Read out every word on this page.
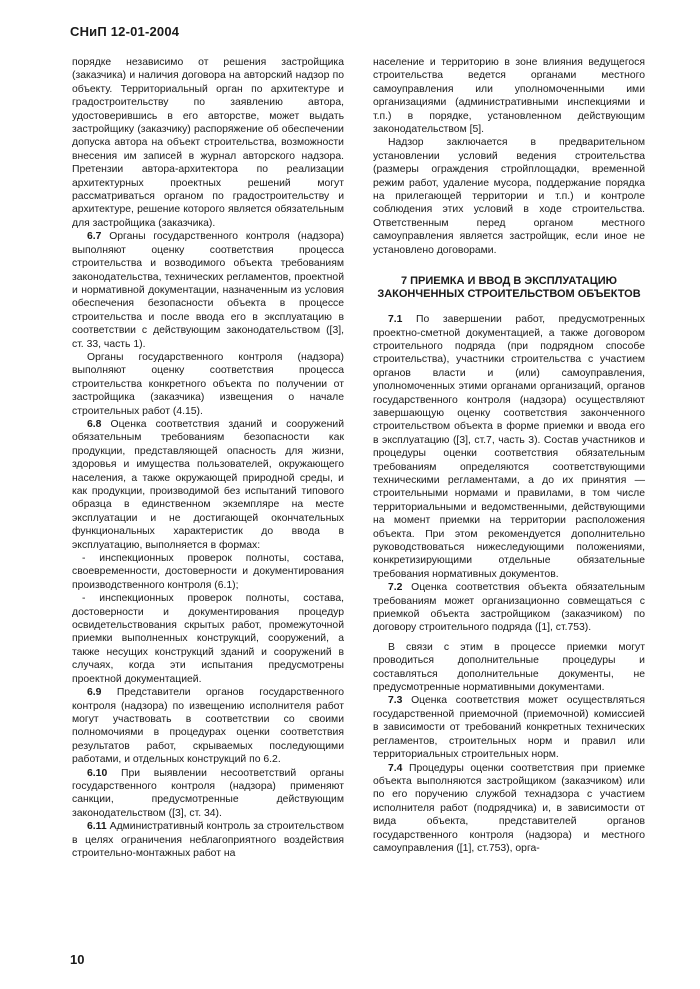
СНиП 12-01-2004

порядке независимо от решения застройщика (заказчика) и наличия договора на авторский надзор по объекту. Территориальный орган по архитектуре и градостроительству по заявлению автора, удостоверившись в его авторстве, может выдать застройщику (заказчику) распоряжение об обеспечении допуска автора на объект строительства, возможности внесения им записей в журнал авторского надзора. Претензии автора-архитектора по реализации архитектурных проектных решений могут рассматриваться органом по градостроительству и архитектуре, решение которого является обязательным для застройщика (заказчика).

6.7 Органы государственного контроля (надзора) выполняют оценку соответствия процесса строительства и возводимого объекта требованиям законодательства, технических регламентов, проектной и нормативной документации, назначенным из условия обеспечения безопасности объекта в процессе строительства и после ввода его в эксплуатацию в соответствии с действующим законодательством ([3], ст. 33, часть 1).

Органы государственного контроля (надзора) выполняют оценку соответствия процесса строительства конкретного объекта по получении от застройщика (заказчика) извещения о начале строительных работ (4.15).

6.8 Оценка соответствия зданий и сооружений обязательным требованиям безопасности как продукции, представляющей опасность для жизни, здоровья и имущества пользователей, окружающего населения, а также окружающей природной среды, и как продукции, производимой без испытаний типового образца в единственном экземпляре на месте эксплуатации и не достигающей окончательных функциональных характеристик до ввода в эксплуатацию, выполняется в формах:

- инспекционных проверок полноты, состава, своевременности, достоверности и документирования производственного контроля (6.1);

- инспекционных проверок полноты, состава, достоверности и документирования процедур освидетельствования скрытых работ, промежуточной приемки выполненных конструкций, сооружений, а также несущих конструкций зданий и сооружений в случаях, когда эти испытания предусмотрены проектной документацией.

6.9 Представители органов государственного контроля (надзора) по извещению исполнителя работ могут участвовать в соответствии со своими полномочиями в процедурах оценки соответствия результатов работ, скрываемых последующими работами, и отдельных конструкций по 6.2.

6.10 При выявлении несоответствий органы государственного контроля (надзора) применяют санкции, предусмотренные действующим законодательством ([3], ст. 34).

6.11 Административный контроль за строительством в целях ограничения неблагоприятного воздействия строительно-монтажных работ на

население и территорию в зоне влияния ведущегося строительства ведется органами местного самоуправления или уполномоченными ими организациями (административными инспекциями и т.п.) в порядке, установленном действующим законодательством [5].

Надзор заключается в предварительном установлении условий ведения строительства (размеры ограждения стройплощадки, временной режим работ, удаление мусора, поддержание порядка на прилегающей территории и т.п.) и контроле соблюдения этих условий в ходе строительства. Ответственным перед органом местного самоуправления является застройщик, если иное не установлено договорами.

7 ПРИЕМКА И ВВОД В ЭКСПЛУАТАЦИЮ ЗАКОНЧЕННЫХ СТРОИТЕЛЬСТВОМ ОБЪЕКТОВ

7.1 По завершении работ, предусмотренных проектно-сметной документацией, а также договором строительного подряда (при подрядном способе строительства), участники строительства с участием органов власти и (или) самоуправления, уполномоченных этими органами организаций, органов государственного контроля (надзора) осуществляют завершающую оценку соответствия законченного строительством объекта в форме приемки и ввода его в эксплуатацию ([3], ст.7, часть 3). Состав участников и процедуры оценки соответствия обязательным требованиям определяются соответствующими техническими регламентами, а до их принятия — строительными нормами и правилами, в том числе территориальными и ведомственными, действующими на момент приемки на территории расположения объекта. При этом рекомендуется дополнительно руководствоваться нижеследующими положениями, конкретизирующими отдельные обязательные требования нормативных документов.

7.2 Оценка соответствия объекта обязательным требованиям может организационно совмещаться с приемкой объекта застройщиком (заказчиком) по договору строительного подряда ([1], ст.753).

В связи с этим в процессе приемки могут проводиться дополнительные процедуры и составляться дополнительные документы, не предусмотренные нормативными документами.

7.3 Оценка соответствия может осуществляться государственной приемочной (приемочной) комиссией в зависимости от требований конкретных технических регламентов, строительных норм и правил или территориальных строительных норм.

7.4 Процедуры оценки соответствия при приемке объекта выполняются застройщиком (заказчиком) или по его поручению службой технадзора с участием исполнителя работ (подрядчика) и, в зависимости от вида объекта, представителей органов государственного контроля (надзора) и местного самоуправления ([1], ст.753), орга-

10
